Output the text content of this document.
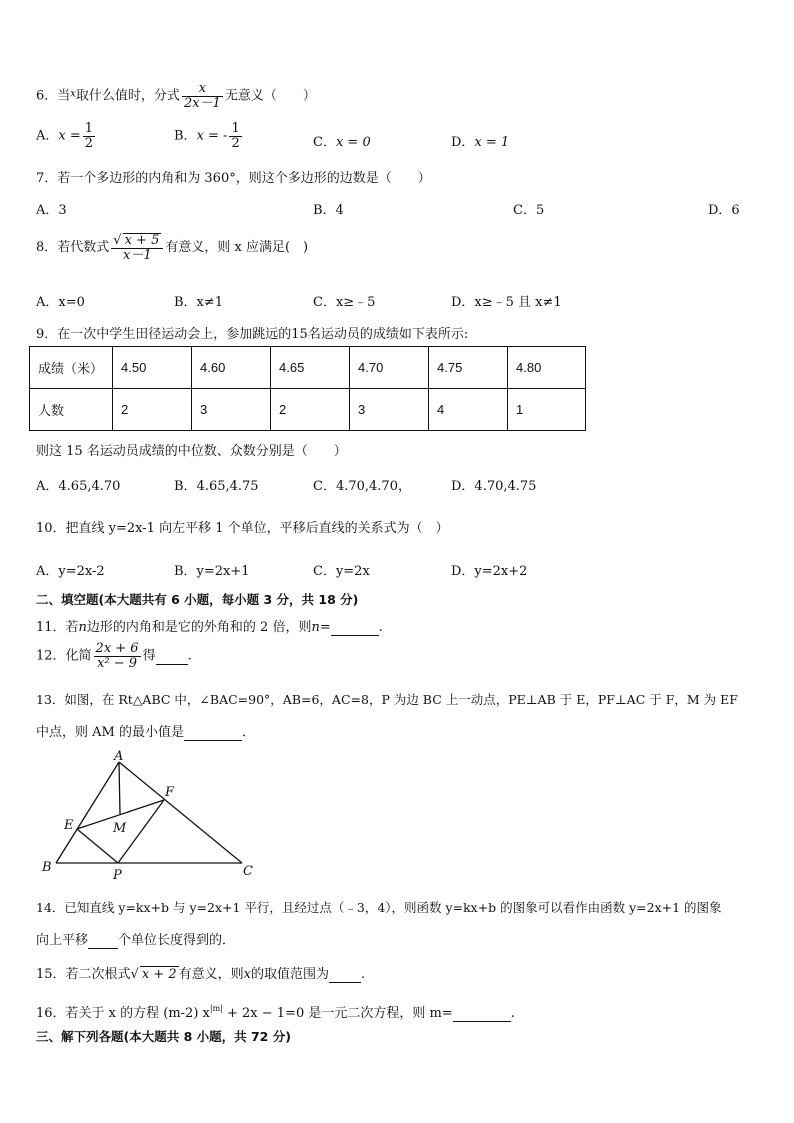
6．当$^x$取什么值时，分式 $\frac{x}{2x-1}$ 无意义（　　）
A．$x = \frac{1}{2}$	B．x = - $\frac{1}{2}$	C．x = 0	D．x = 1
7．若一个多边形的内角和为 360°，则这个多边形的边数是（　　）
A．3	B．4	C．5	D．6
8．若代数式 $\frac{√ x + 5}{x-1}$ 有意义，则 x 应满足(　)
A．x=0	B．x≠1	C．x≥﹣5	D．x≥﹣5 且 x≠1
9．在一次中学生田径运动会上，参加跳远的15名运动员的成绩如下表所示:
成绩（米）	4.50	4.60	4.65	4.70	4.75	4.80
人数	2	3	2	3	4	1
则这 15 名运动员成绩的中位数、众数分别是（　　）
A．4.65,4.70	B．4.65,4.75	C．4.70,4.70，	D．4.70,4.75
10．把直线 y=2x-1 向左平移 1 个单位，平移后直线的关系式为（　）
A．y=2x-2	B．y=2x+1	C．y=2x	D．y=2x+2
二、填空题(本大题共有 6 小题，每小题 3 分，共 18 分)
11．若n边形的内角和是它的外角和的 2 倍，则n=	.
12．化简 $\frac{2x + 6}{\text{x² − 9}}$ 得 .
13．如图，在 Rt△ABC 中，∠BAC=90°，AB=6，AC=8，P 为边 BC 上一动点，PE⊥AB 于 E，PF⊥AC 于 F，M 为 EF
中点，则 AM 的最小值是	．
A
B	C
E
F
M
P
14．已知直线 y=kx+b 与 y=2x+1 平行，且经过点（﹣3，4），则函数 y=kx+b 的图象可以看作由函数 y=2x+1 的图象
向上平移 个单位长度得到的．
15．若二次根式√ x + 2 有意义，则x的取值范围为 .
16．若关于 x 的方程 (m-2) $x^{|m|} + 2x - 1=0$ 是一元二次方程，则 m=	.
三、解下列各题(本大题共 8 小题，共 72 分)
